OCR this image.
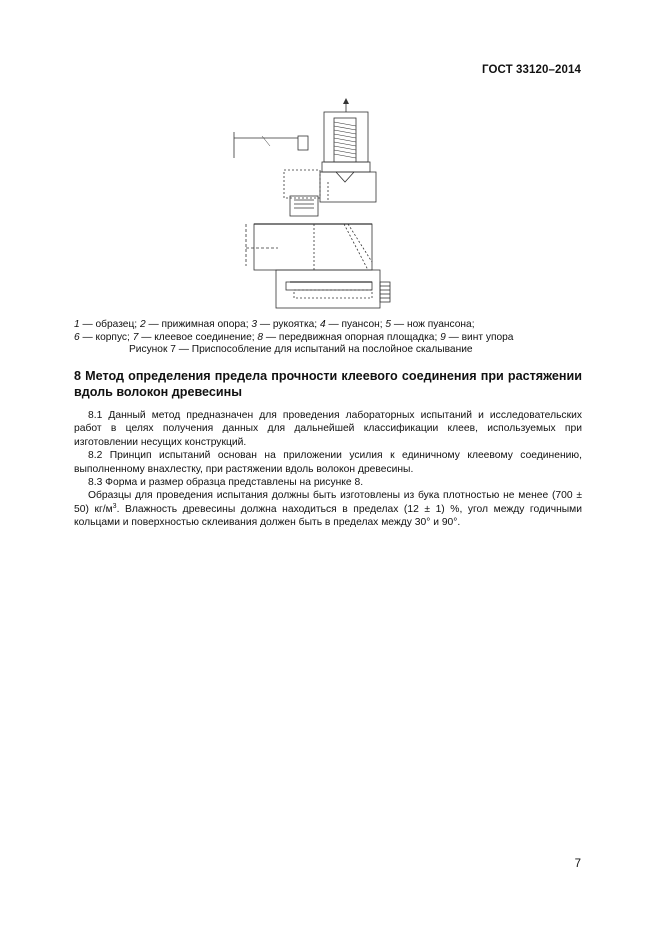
ГОСТ 33120–2014
1 — образец; 2 — прижимная опора; 3 — рукоятка; 4 — пуансон; 5 — нож пуансона;
6 — корпус; 7 — клеевое соединение; 8 — передвижная опорная площадка; 9 — винт упора
Рисунок 7 — Приспособление для испытаний на послойное скалывание
8 Метод определения предела прочности клеевого соединения при растяжении вдоль волокон древесины

8.1 Данный метод предназначен для проведения лабораторных испытаний и исследовательских работ в целях получения данных для дальнейшей классификации клеев, используемых при изготовлении несущих конструкций.

8.2 Принцип испытаний основан на приложении усилия к единичному клеевому соединению, выполненному внахлестку, при растяжении вдоль волокон древесины.

8.3 Форма и размер образца представлены на рисунке 8.

Образцы для проведения испытания должны быть изготовлены из бука плотностью не менее (700 ± 50) $кг/м^3$. Влажность древесины должна находиться в пределах (12 ± 1) %, угол между годичными кольцами и поверхностью склеивания должен быть в пределах между 30° и 90°.

7
